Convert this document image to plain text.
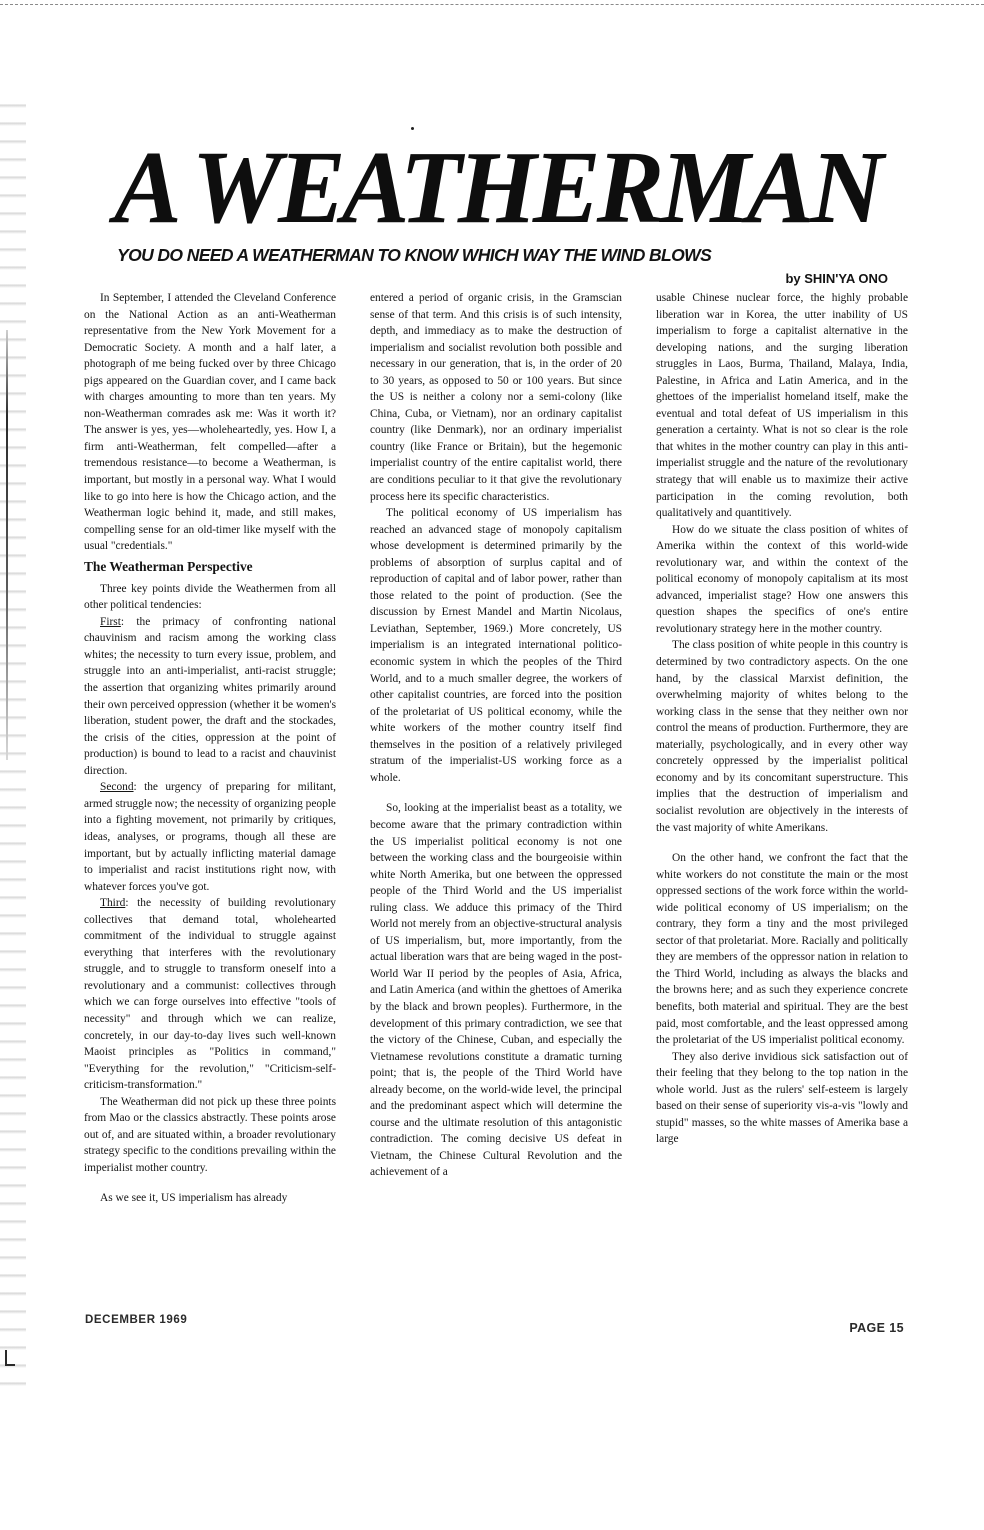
A WEATHERMAN
YOU DO NEED A WEATHERMAN TO KNOW WHICH WAY THE WIND BLOWS

by SHIN'YA ONO

In September, I attended the Cleveland Conference on the National Action as an anti-Weatherman representative from the New York Movement for a Democratic Society. A month and a half later, a photograph of me being fucked over by three Chicago pigs appeared on the Guardian cover, and I came back with charges amounting to more than ten years. My non-Weatherman comrades ask me: Was it worth it? The answer is yes, yes—wholeheartedly, yes. How I, a firm anti-Weatherman, felt compelled—after a tremendous resistance—to become a Weatherman, is important, but mostly in a personal way. What I would like to go into here is how the Chicago action, and the Weatherman logic behind it, made, and still makes, compelling sense for an old-timer like myself with the usual "credentials."

The Weatherman Perspective

Three key points divide the Weathermen from all other political tendencies:

First: the primacy of confronting national chauvinism and racism among the working class whites; the necessity to turn every issue, problem, and struggle into an anti-imperialist, anti-racist struggle; the assertion that organizing whites primarily around their own perceived oppression (whether it be women's liberation, student power, the draft and the stockades, the crisis of the cities, oppression at the point of production) is bound to lead to a racist and chauvinist direction.

Second: the urgency of preparing for militant, armed struggle now; the necessity of organizing people into a fighting movement, not primarily by critiques, ideas, analyses, or programs, though all these are important, but by actually inflicting material damage to imperialist and racist institutions right now, with whatever forces you've got.

Third: the necessity of building revolutionary collectives that demand total, wholehearted commitment of the individual to struggle against everything that interferes with the revolutionary struggle, and to struggle to transform oneself into a revolutionary and a communist: collectives through which we can forge ourselves into effective "tools of necessity" and through which we can realize, concretely, in our day-to-day lives such well-known Maoist principles as "Politics in command," "Everything for the revolution," "Criticism-self-criticism-transformation."

The Weatherman did not pick up these three points from Mao or the classics abstractly. These points arose out of, and are situated within, a broader revolutionary strategy specific to the conditions prevailing within the imperialist mother country.

As we see it, US imperialism has already

entered a period of organic crisis, in the Gramscian sense of that term. And this crisis is of such intensity, depth, and immediacy as to make the destruction of imperialism and socialist revolution both possible and necessary in our generation, that is, in the order of 20 to 30 years, as opposed to 50 or 100 years. But since the US is neither a colony nor a semi-colony (like China, Cuba, or Vietnam), nor an ordinary capitalist country (like Denmark), nor an ordinary imperialist country (like France or Britain), but the hegemonic imperialist country of the entire capitalist world, there are conditions peculiar to it that give the revolutionary process here its specific characteristics.

The political economy of US imperialism has reached an advanced stage of monopoly capitalism whose development is determined primarily by the problems of absorption of surplus capital and of reproduction of capital and of labor power, rather than those related to the point of production. (See the discussion by Ernest Mandel and Martin Nicolaus, Leviathan, September, 1969.) More concretely, US imperialism is an integrated international politico-economic system in which the peoples of the Third World, and to a much smaller degree, the workers of other capitalist countries, are forced into the position of the proletariat of US political economy, while the white workers of the mother country itself find themselves in the position of a relatively privileged stratum of the imperialist-US working force as a whole.

So, looking at the imperialist beast as a totality, we become aware that the primary contradiction within the US imperialist political economy is not one between the working class and the bourgeoisie within white North Amerika, but one between the oppressed people of the Third World and the US imperialist ruling class. We adduce this primacy of the Third World not merely from an objective-structural analysis of US imperialism, but, more importantly, from the actual liberation wars that are being waged in the post-World War II period by the peoples of Asia, Africa, and Latin America (and within the ghettoes of Amerika by the black and brown peoples). Furthermore, in the development of this primary contradiction, we see that the victory of the Chinese, Cuban, and especially the Vietnamese revolutions constitute a dramatic turning point; that is, the people of the Third World have already become, on the world-wide level, the principal and the predominant aspect which will determine the course and the ultimate resolution of this antagonistic contradiction. The coming decisive US defeat in Vietnam, the Chinese Cultural Revolution and the achievement of a

usable Chinese nuclear force, the highly probable liberation war in Korea, the utter inability of US imperialism to forge a capitalist alternative in the developing nations, and the surging liberation struggles in Laos, Burma, Thailand, Malaya, India, Palestine, in Africa and Latin America, and in the ghettoes of the imperialist homeland itself, make the eventual and total defeat of US imperialism in this generation a certainty. What is not so clear is the role that whites in the mother country can play in this anti-imperialist struggle and the nature of the revolutionary strategy that will enable us to maximize their active participation in the coming revolution, both qualitatively and quantitively.

How do we situate the class position of whites of Amerika within the context of this world-wide revolutionary war, and within the context of the political economy of monopoly capitalism at its most advanced, imperialist stage? How one answers this question shapes the specifics of one's entire revolutionary strategy here in the mother country.

The class position of white people in this country is determined by two contradictory aspects. On the one hand, by the classical Marxist definition, the overwhelming majority of whites belong to the working class in the sense that they neither own nor control the means of production. Furthermore, they are materially, psychologically, and in every other way concretely oppressed by the imperialist political economy and by its concomitant superstructure. This implies that the destruction of imperialism and socialist revolution are objectively in the interests of the vast majority of white Amerikans.

On the other hand, we confront the fact that the white workers do not constitute the main or the most oppressed sections of the work force within the world-wide political economy of US imperialism; on the contrary, they form a tiny and the most privileged sector of that proletariat. More. Racially and politically they are members of the oppressor nation in relation to the Third World, including as always the blacks and the browns here; and as such they experience concrete benefits, both material and spiritual. They are the best paid, most comfortable, and the least oppressed among the proletariat of the US imperialist political economy.

They also derive invidious sick satisfaction out of their feeling that they belong to the top nation in the whole world. Just as the rulers' self-esteem is largely based on their sense of superiority vis-a-vis "lowly and stupid" masses, so the white masses of Amerika base a large

DECEMBER 1969

PAGE 15
